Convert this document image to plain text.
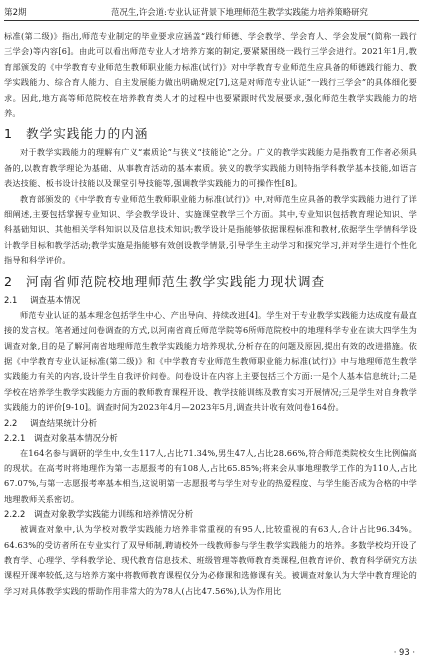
第2期	范况生,许会道:专业认证背景下地理师范生教学实践能力培养策略研究

标准(第二级)》指出,师范专业制定的毕业要求应涵盖“践行师德、学会教学、学会育人、学会发展”(简称一践行三学会)等内容[6]。由此可以看出师范专业人才培养方案的制定,要紧紧围绕一践行三学会进行。2021年1月,教育部颁发的《中学教育专业师范生教师职业能力标准(试行)》对中学教育专业师范生应具备的师德践行能力、教学实践能力、综合育人能力、自主发展能力做出明确规定[7],这是对师范专业认证“一践行三学会”的具体细化要求。因此,地方高等师范院校在培养教育类人才的过程中也要紧跟时代发展要求,强化师范生教学实践能力的培养。

1 教学实践能力的内涵

对于教学实践能力的理解有广义“素质论”与狭义“技能论”之分。广义的教学实践能力是指教育工作者必须具备的,以教育教学理论为基础、从事教育活动的基本素质。狭义的教学实践能力则特指学科教学基本技能,如语言表达技能、板书设计技能以及课堂引导技能等,强调教学实践能力的可操作性[8]。

教育部颁发的《中学教育专业师范生教师职业能力标准(试行)》中,对师范生应具备的教学实践能力进行了详细阐述,主要包括掌握专业知识、学会教学设计、实施课堂教学三个方面。其中,专业知识包括教育理论知识、学科基础知识、其他相关学科知识以及信息技术知识;教学设计是指能够依据课程标准和教材,依据学生学情科学设计教学目标和教学活动;教学实施是指能够有效创设教学情景,引导学生主动学习和探究学习,并对学生进行个性化指导和科学评价。

2 河南省师范院校地理师范生教学实践能力现状调查
2.1 调查基本情况

师范专业认证的基本理念包括学生中心、产出导向、持续改进[4]。学生对于专业教学实践能力达成度有最直接的发言权。笔者通过问卷调查的方式,以河南省商丘师范学院等6所师范院校中的地理科学专业在读大四学生为调查对象,目的是了解河南省地理师范生教学实践能力培养现状,分析存在的问题及原因,提出有效的改进措施。依据《中学教育专业认证标准(第二级)》和《中学教育专业师范生教师职业能力标准(试行)》中与地理师范生教学实践能力有关的内容,设计学生自我评价问卷。问卷设计在内容上主要包括三个方面:一是个人基本信息统计;二是学校在培养学生教学实践能力方面的教师教育课程开设、教学技能训练及教育实习开展情况;三是学生对自身教学实践能力的评价[9-10]。调查时间为2023年4月—2023年5月,调查共计收有效问卷164份。

2.2 调查结果统计分析
2.2.1 调查对象基本情况分析

在164名参与调研的学生中,女生117人,占比71.34%,男生47人,占比28.66%,符合师范类院校女生比例偏高的现状。在高考时将地理作为第一志愿报考的有108人,占比65.85%;将来会从事地理教学工作的为110人,占比67.07%,与第一志愿报考率基本相当,这说明第一志愿报考与学生对专业的热爱程度、与学生能否成为合格的中学地理教师关系密切。

2.2.2 调查对象教学实践能力训练和培养情况分析

被调查对象中,认为学校对教学实践能力培养非常重视的有95人,比较重视的有63人,合计占比96.34%。64.63%的受访者所在专业实行了双导师制,聘请校外一线教师参与学生教学实践能力的培养。多数学校均开设了教育学、心理学、学科教学论、现代教育信息技术、班级管理等教师教育类课程,但教育评价、教育科学研究方法课程开课率较低,这与培养方案中将教师教育课程仅分为必修课和选修课有关。被调查对象认为大学中教育理论的学习对具体教学实践的帮助作用非常大的为78人(占比47.56%),认为作用比

· 93 ·
